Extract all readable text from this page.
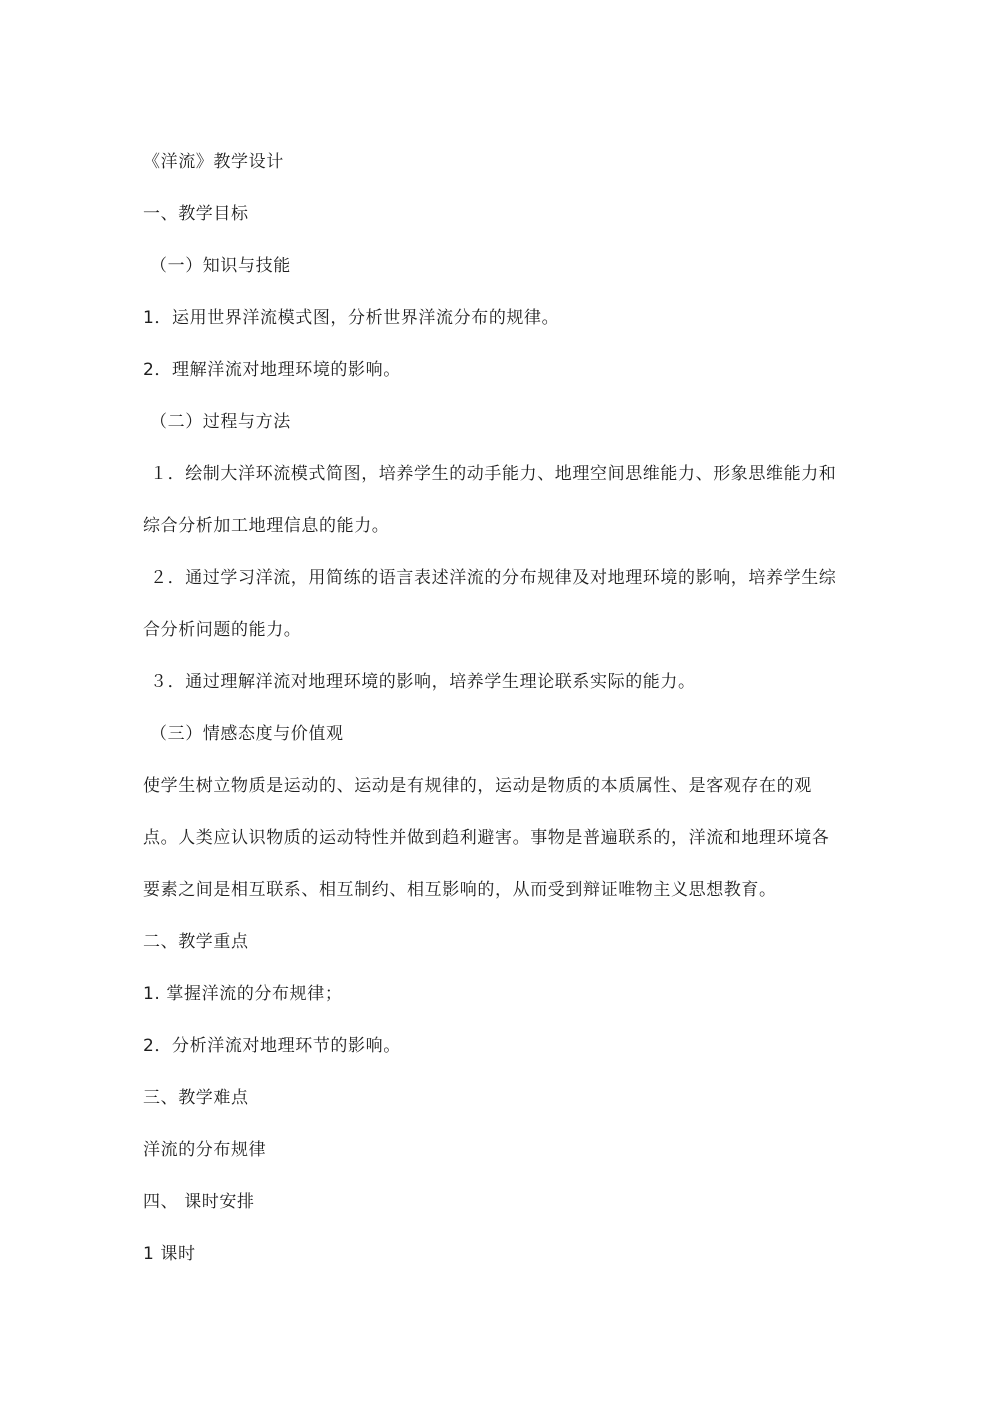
《洋流》教学设计
一、教学目标
（一）知识与技能
1．运用世界洋流模式图，分析世界洋流分布的规律。
2．理解洋流对地理环境的影响。
（二）过程与方法
１．绘制大洋环流模式简图，培养学生的动手能力、地理空间思维能力、形象思维能力和
综合分析加工地理信息的能力。
２．通过学习洋流，用简练的语言表述洋流的分布规律及对地理环境的影响，培养学生综
合分析问题的能力。
３．通过理解洋流对地理环境的影响，培养学生理论联系实际的能力。
（三）情感态度与价值观
使学生树立物质是运动的、运动是有规律的，运动是物质的本质属性、是客观存在的观
点。人类应认识物质的运动特性并做到趋利避害。事物是普遍联系的，洋流和地理环境各
要素之间是相互联系、相互制约、相互影响的，从而受到辩证唯物主义思想教育。
二、教学重点
1. 掌握洋流的分布规律；
2．分析洋流对地理环节的影响。
三、教学难点
洋流的分布规律
四、 课时安排
1 课时
